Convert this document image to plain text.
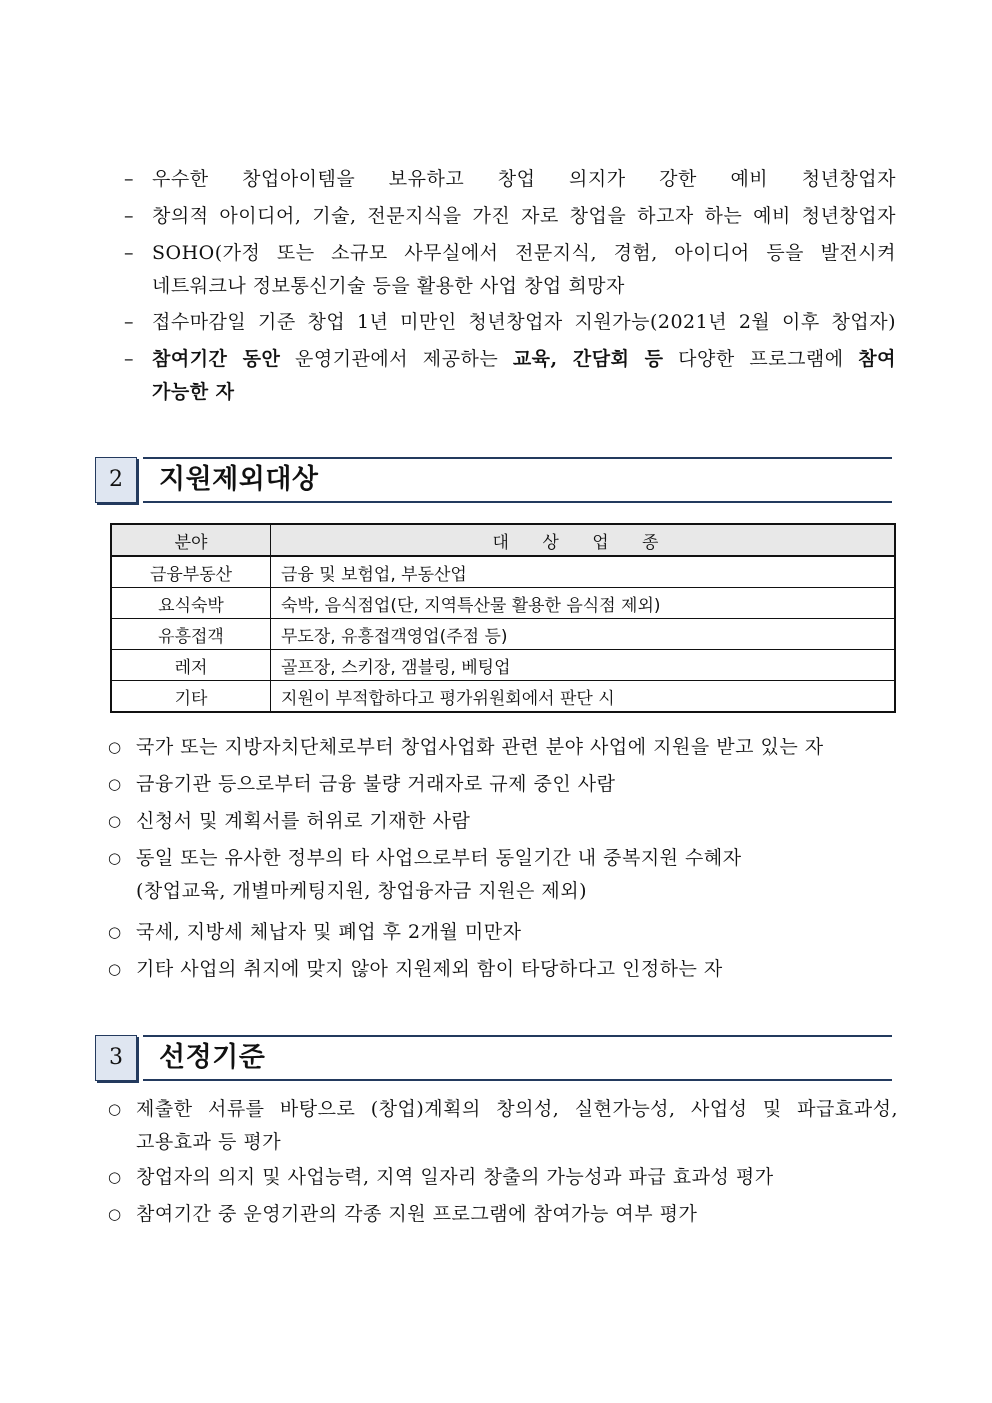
– 우수한 창업아이템을 보유하고 창업 의지가 강한 예비 청년창업자
– 창의적 아이디어, 기술, 전문지식을 가진 자로 창업을 하고자 하는 예비 청년창업자
– SOHO(가정 또는 소규모 사무실에서 전문지식, 경험, 아이디어 등을 발전시켜
네트워크나 정보통신기술 등을 활용한 사업 창업 희망자
– 접수마감일 기준 창업 1년 미만인 청년창업자 지원가능(2021년 2월 이후 창업자)
– 참여기간 동안 운영기관에서 제공하는 교육, 간담회 등 다양한 프로그램에 참여
가능한 자
2	지원제외대상
분야	대 상 업 종
금융부동산	금융 및 보험업, 부동산업
요식숙박	숙박, 음식점업(단, 지역특산물 활용한 음식점 제외)
유흥접객	무도장, 유흥접객영업(주점 등)
레저	골프장, 스키장, 갬블링, 베팅업
기타	지원이 부적합하다고 평가위원회에서 판단 시
○ 국가 또는 지방자치단체로부터 창업사업화 관련 분야 사업에 지원을 받고 있는 자
○ 금융기관 등으로부터 금융 불량 거래자로 규제 중인 사람
○ 신청서 및 계획서를 허위로 기재한 사람
○ 동일 또는 유사한 정부의 타 사업으로부터 동일기간 내 중복지원 수혜자
(창업교육, 개별마케팅지원, 창업융자금 지원은 제외)
○ 국세, 지방세 체납자 및 폐업 후 2개월 미만자
○ 기타 사업의 취지에 맞지 않아 지원제외 함이 타당하다고 인정하는 자
3	선정기준
○ 제출한 서류를 바탕으로 (창업)계획의 창의성, 실현가능성, 사업성 및 파급효과성,
고용효과 등 평가
○ 창업자의 의지 및 사업능력, 지역 일자리 창출의 가능성과 파급 효과성 평가
○ 참여기간 중 운영기관의 각종 지원 프로그램에 참여가능 여부 평가
